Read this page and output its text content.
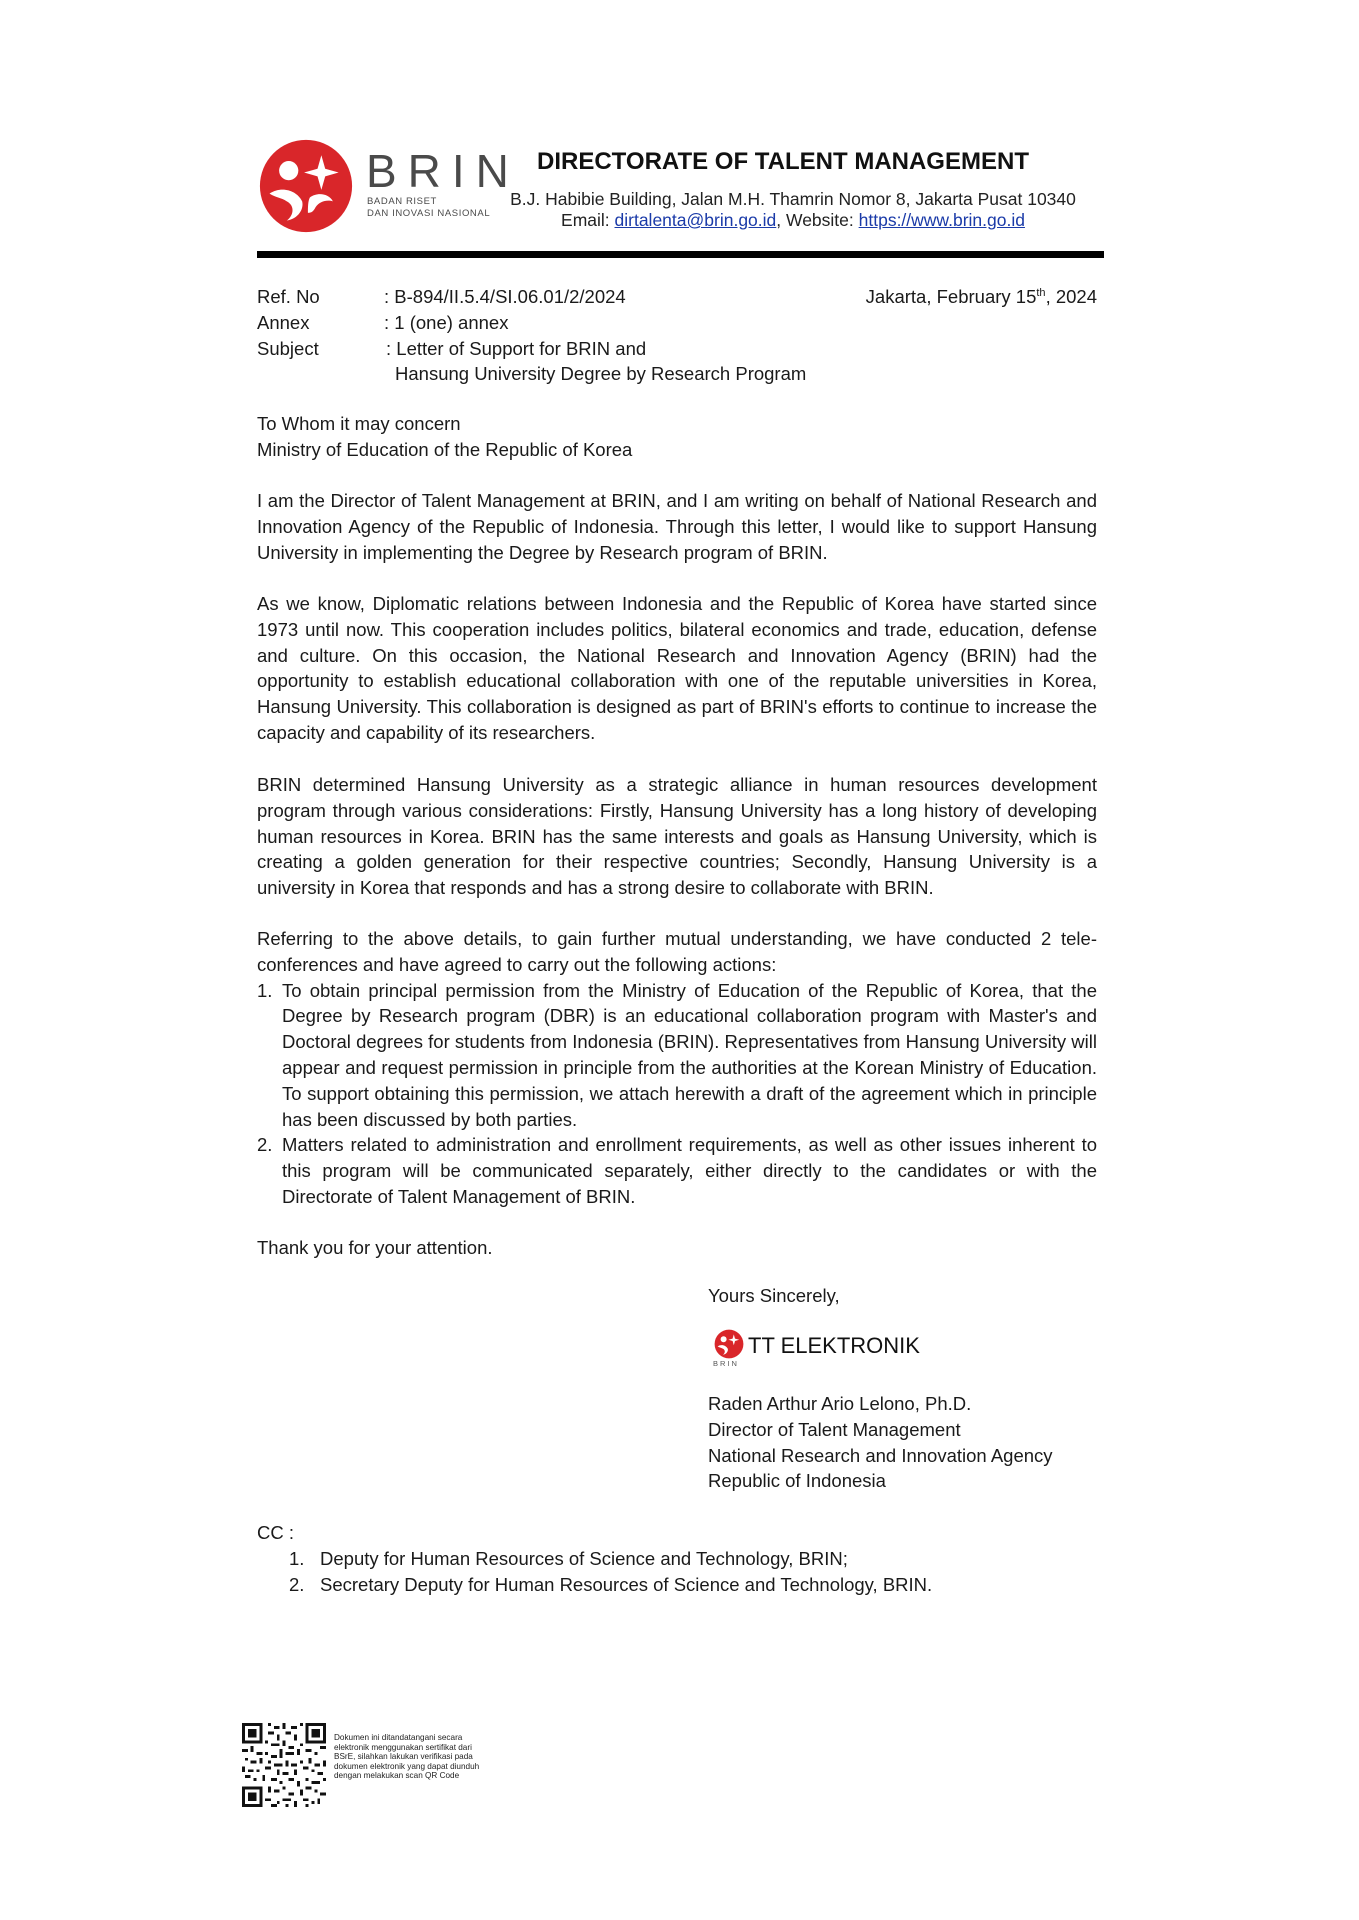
BRIN
BADAN RISET
DAN INOVASI NASIONAL
DIRECTORATE OF TALENT MANAGEMENT
B.J. Habibie Building, Jalan M.H. Thamrin Nomor 8, Jakarta Pusat 10340
Email: dirtalenta@brin.go.id, Website: https://www.brin.go.id
Ref. No	: B-894/II.5.4/SI.06.01/2/2024	Jakarta, February 15th, 2024
Annex	: 1 (one) annex
Subject	: Letter of Support for BRIN and
Hansung University Degree by Research Program
To Whom it may concern
Ministry of Education of the Republic of Korea

I am the Director of Talent Management at BRIN, and I am writing on behalf of National Research and Innovation Agency of the Republic of Indonesia. Through this letter, I would like to support Hansung University in implementing the Degree by Research program of BRIN.

As we know, Diplomatic relations between Indonesia and the Republic of Korea have started since 1973 until now. This cooperation includes politics, bilateral economics and trade, education, defense and culture. On this occasion, the National Research and Innovation Agency (BRIN) had the opportunity to establish educational collaboration with one of the reputable universities in Korea, Hansung University. This collaboration is designed as part of BRIN's efforts to continue to increase the capacity and capability of its researchers.

BRIN determined Hansung University as a strategic alliance in human resources development program through various considerations: Firstly, Hansung University has a long history of developing human resources in Korea. BRIN has the same interests and goals as Hansung University, which is creating a golden generation for their respective countries; Secondly, Hansung University is a university in Korea that responds and has a strong desire to collaborate with BRIN.

Referring to the above details, to gain further mutual understanding, we have conducted 2 tele-conferences and have agreed to carry out the following actions:

1. To obtain principal permission from the Ministry of Education of the Republic of Korea, that the Degree by Research program (DBR) is an educational collaboration program with Master's and Doctoral degrees for students from Indonesia (BRIN). Representatives from Hansung University will appear and request permission in principle from the authorities at the Korean Ministry of Education. To support obtaining this permission, we attach herewith a draft of the agreement which in principle has been discussed by both parties.
2. Matters related to administration and enrollment requirements, as well as other issues inherent to this program will be communicated separately, either directly to the candidates or with the Directorate of Talent Management of BRIN.
Thank you for your attention.
Yours Sincerely,
TT ELEKTRONIK
BRIN
Raden Arthur Ario Lelono, Ph.D.
Director of Talent Management
National Research and Innovation Agency
Republic of Indonesia
CC :
1. Deputy for Human Resources of Science and Technology, BRIN;
2. Secretary Deputy for Human Resources of Science and Technology, BRIN.
Dokumen ini ditandatangani secara elektronik menggunakan sertifikat dari BSrE, silahkan lakukan verifikasi pada dokumen elektronik yang dapat diunduh dengan melakukan scan QR Code
